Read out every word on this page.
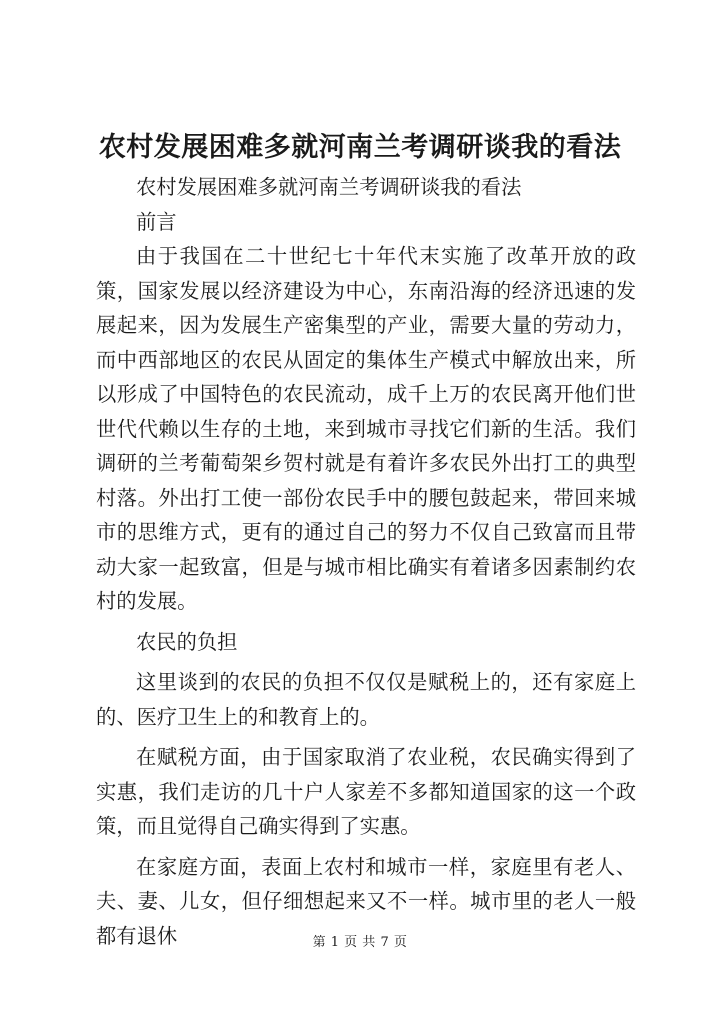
农村发展困难多就河南兰考调研谈我的看法

农村发展困难多就河南兰考调研谈我的看法

前言

由于我国在二十世纪七十年代末实施了改革开放的政策，国家发展以经济建设为中心，东南沿海的经济迅速的发展起来，因为发展生产密集型的产业，需要大量的劳动力，而中西部地区的农民从固定的集体生产模式中解放出来，所以形成了中国特色的农民流动，成千上万的农民离开他们世世代代赖以生存的土地，来到城市寻找它们新的生活。我们调研的兰考葡萄架乡贺村就是有着许多农民外出打工的典型村落。外出打工使一部份农民手中的腰包鼓起来，带回来城市的思维方式，更有的通过自己的努力不仅自己致富而且带动大家一起致富，但是与城市相比确实有着诸多因素制约农村的发展。

农民的负担

这里谈到的农民的负担不仅仅是赋税上的，还有家庭上的、医疗卫生上的和教育上的。

在赋税方面，由于国家取消了农业税，农民确实得到了实惠，我们走访的几十户人家差不多都知道国家的这一个政策，而且觉得自己确实得到了实惠。

在家庭方面，表面上农村和城市一样，家庭里有老人、夫、妻、儿女，但仔细想起来又不一样。城市里的老人一般都有退休	第 1 页 共 7 页
